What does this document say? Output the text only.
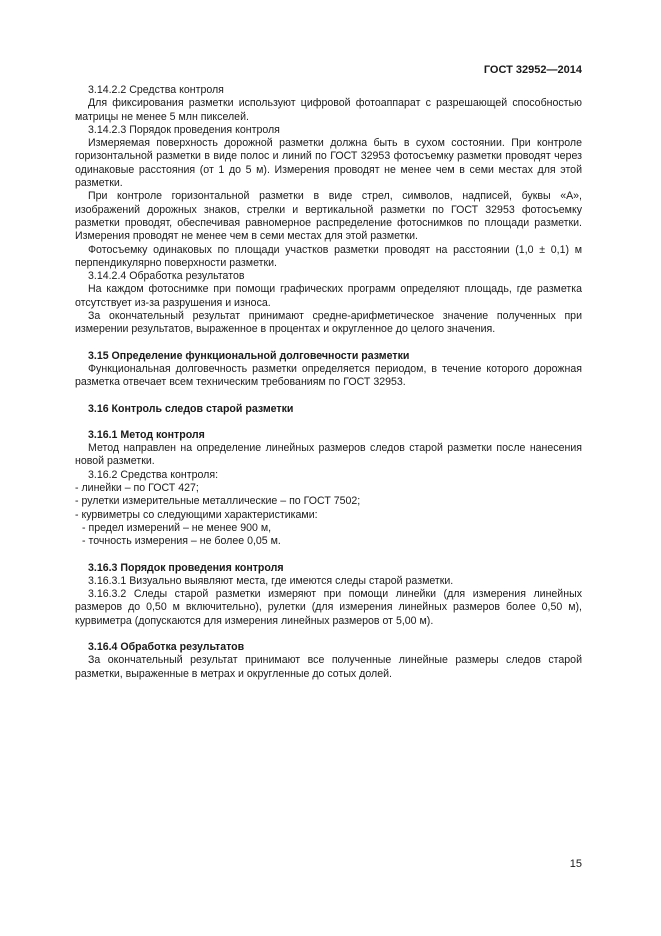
ГОСТ 32952—2014

3.14.2.2 Средства контроля

Для фиксирования разметки используют цифровой фотоаппарат с разрешающей способностью матрицы не менее 5 млн пикселей.

3.14.2.3 Порядок проведения контроля

Измеряемая поверхность дорожной разметки должна быть в сухом состоянии. При контроле горизонтальной разметки в виде полос и линий по ГОСТ 32953 фотосъемку разметки проводят через одинаковые расстояния (от 1 до 5 м). Измерения проводят не менее чем в семи местах для этой разметки.

При контроле горизонтальной разметки в виде стрел, символов, надписей, буквы «А», изображений дорожных знаков, стрелки и вертикальной разметки по ГОСТ 32953 фотосъемку разметки проводят, обеспечивая равномерное распределение фотоснимков по площади разметки. Измерения проводят не менее чем в семи местах для этой разметки.

Фотосъемку одинаковых по площади участков разметки проводят на расстоянии (1,0 ± 0,1) м перпендикулярно поверхности разметки.

3.14.2.4 Обработка результатов

На каждом фотоснимке при помощи графических программ определяют площадь, где разметка отсутствует из-за разрушения и износа.

За окончательный результат принимают средне-арифметическое значение полученных при измерении результатов, выраженное в процентах и округленное до целого значения.

3.15 Определение функциональной долговечности разметки

Функциональная долговечность разметки определяется периодом, в течение которого дорожная разметка отвечает всем техническим требованиям по ГОСТ 32953.

3.16 Контроль следов старой разметки
3.16.1 Метод контроля

Метод направлен на определение линейных размеров следов старой разметки после нанесения новой разметки.

3.16.2 Средства контроля:

- линейки – по ГОСТ 427;

- рулетки измерительные металлические – по ГОСТ 7502;

- курвиметры со следующими характеристиками:

- предел измерений – не менее 900 м,

- точность измерения – не более 0,05 м.

3.16.3 Порядок проведения контроля

3.16.3.1 Визуально выявляют места, где имеются следы старой разметки.

3.16.3.2 Следы старой разметки измеряют при помощи линейки (для измерения линейных размеров до 0,50 м включительно), рулетки (для измерения линейных размеров более 0,50 м), курвиметра (допускаются для измерения линейных размеров от 5,00 м).

3.16.4 Обработка результатов

За окончательный результат принимают все полученные линейные размеры следов старой разметки, выраженные в метрах и округленные до сотых долей.

15
